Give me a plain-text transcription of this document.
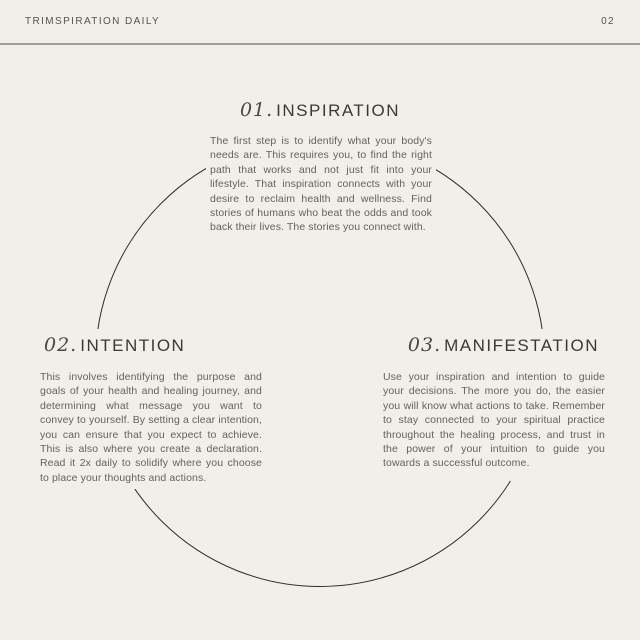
TRIMSPIRATION DAILY	02
01. INSPIRATION

The first step is to identify what your body's needs are. This requires you, to find the right path that works and not just fit into your lifestyle. That inspiration connects with your desire to reclaim health and wellness. Find stories of humans who beat the odds and took back their lives. The stories you connect with.

02. INTENTION

This involves identifying the purpose and goals of your health and healing journey, and determining what message you want to convey to yourself. By setting a clear intention, you can ensure that you expect to achieve. This is also where you create a declaration. Read it 2x daily to solidify where you choose to place your thoughts and actions.

03. MANIFESTATION

Use your inspiration and intention to guide your decisions. The more you do, the easier you will know what actions to take. Remember to stay connected to your spiritual practice throughout the healing process, and trust in the power of your intuition to guide you towards a successful outcome.
